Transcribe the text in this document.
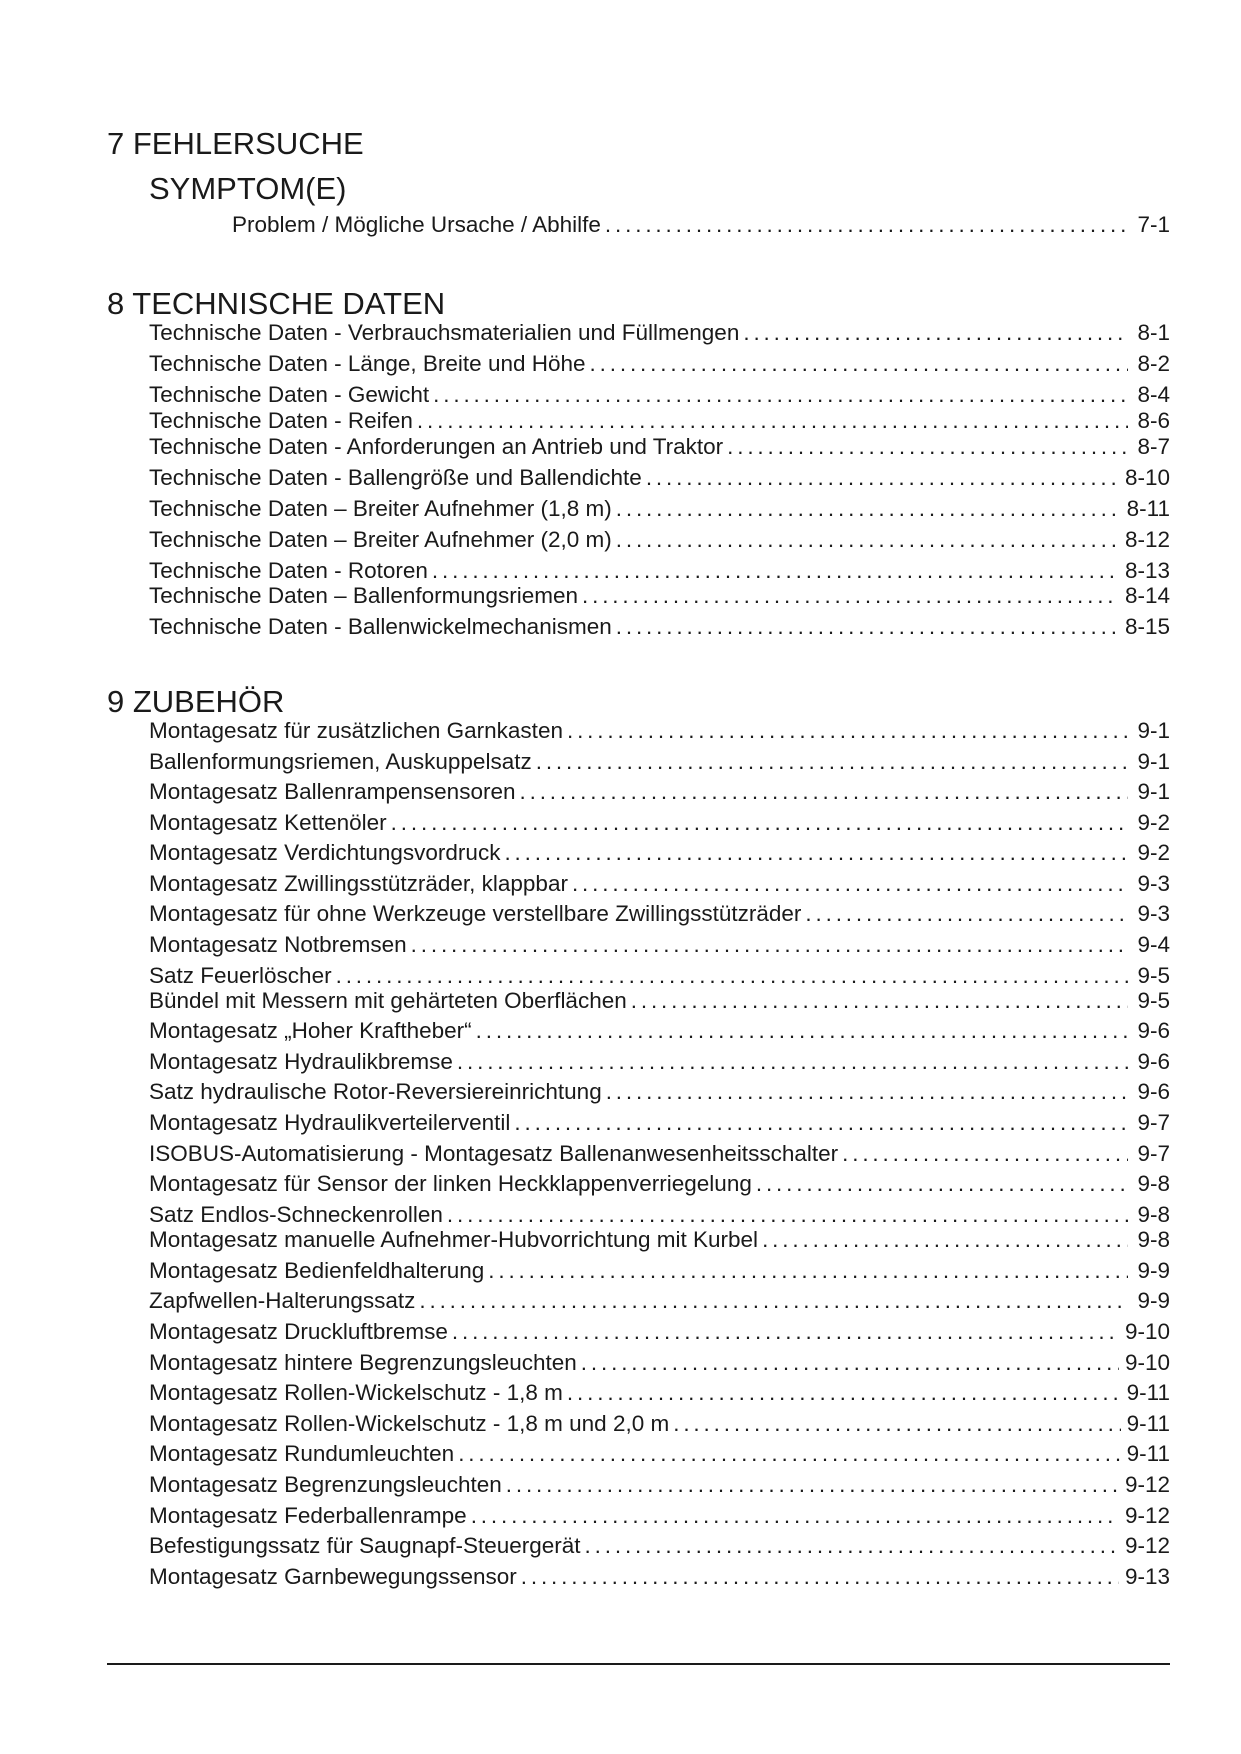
7 FEHLERSUCHE
SYMPTOM(E)
Problem / Mögliche Ursache / Abhilfe . . .	7-1
8 TECHNISCHE DATEN
Technische Daten - Verbrauchsmaterialien und Füllmengen . . .	8-1
Technische Daten - Länge, Breite und Höhe . . .	8-2
Technische Daten - Gewicht . . .	8-4
Technische Daten - Reifen . . .	8-6
Technische Daten - Anforderungen an Antrieb und Traktor . . .	8-7
Technische Daten - Ballengröße und Ballendichte . . .	8-10
Technische Daten – Breiter Aufnehmer (1,8 m) . . .	8-11
Technische Daten – Breiter Aufnehmer (2,0 m) . . .	8-12
Technische Daten - Rotoren . . .	8-13
Technische Daten – Ballenformungsriemen . . .	8-14
Technische Daten - Ballenwickelmechanismen . . .	8-15
9 ZUBEHÖR
Montagesatz für zusätzlichen Garnkasten . . .	9-1
Ballenformungsriemen, Auskuppelsatz . . .	9-1
Montagesatz Ballenrampensensoren . . .	9-1
Montagesatz Kettenöler . . .	9-2
Montagesatz Verdichtungsvordruck . . .	9-2
Montagesatz Zwillingsstützräder, klappbar . . .	9-3
Montagesatz für ohne Werkzeuge verstellbare Zwillingsstützräder . . .	9-3
Montagesatz Notbremsen . . .	9-4
Satz Feuerlöscher . . .	9-5
Bündel mit Messern mit gehärteten Oberflächen . . .	9-5
Montagesatz „Hoher Kraftheber“ . . .	9-6
Montagesatz Hydraulikbremse . . .	9-6
Satz hydraulische Rotor-Reversiereinrichtung . . .	9-6
Montagesatz Hydraulikverteilerventil . . .	9-7
ISOBUS-Automatisierung - Montagesatz Ballenanwesenheitsschalter . . .	9-7
Montagesatz für Sensor der linken Heckklappenverriegelung . . .	9-8
Satz Endlos-Schneckenrollen . . .	9-8
Montagesatz manuelle Aufnehmer-Hubvorrichtung mit Kurbel . . .	9-8
Montagesatz Bedienfeldhalterung . . .	9-9
Zapfwellen-Halterungssatz . . .	9-9
Montagesatz Druckluftbremse . . .	9-10
Montagesatz hintere Begrenzungsleuchten . . .	9-10
Montagesatz Rollen-Wickelschutz - 1,8 m . . .	9-11
Montagesatz Rollen-Wickelschutz - 1,8 m und 2,0 m . . .	9-11
Montagesatz Rundumleuchten . . .	9-11
Montagesatz Begrenzungsleuchten . . .	9-12
Montagesatz Federballenrampe . . .	9-12
Befestigungssatz für Saugnapf-Steuergerät . . .	9-12
Montagesatz Garnbewegungssensor . . .	9-13
